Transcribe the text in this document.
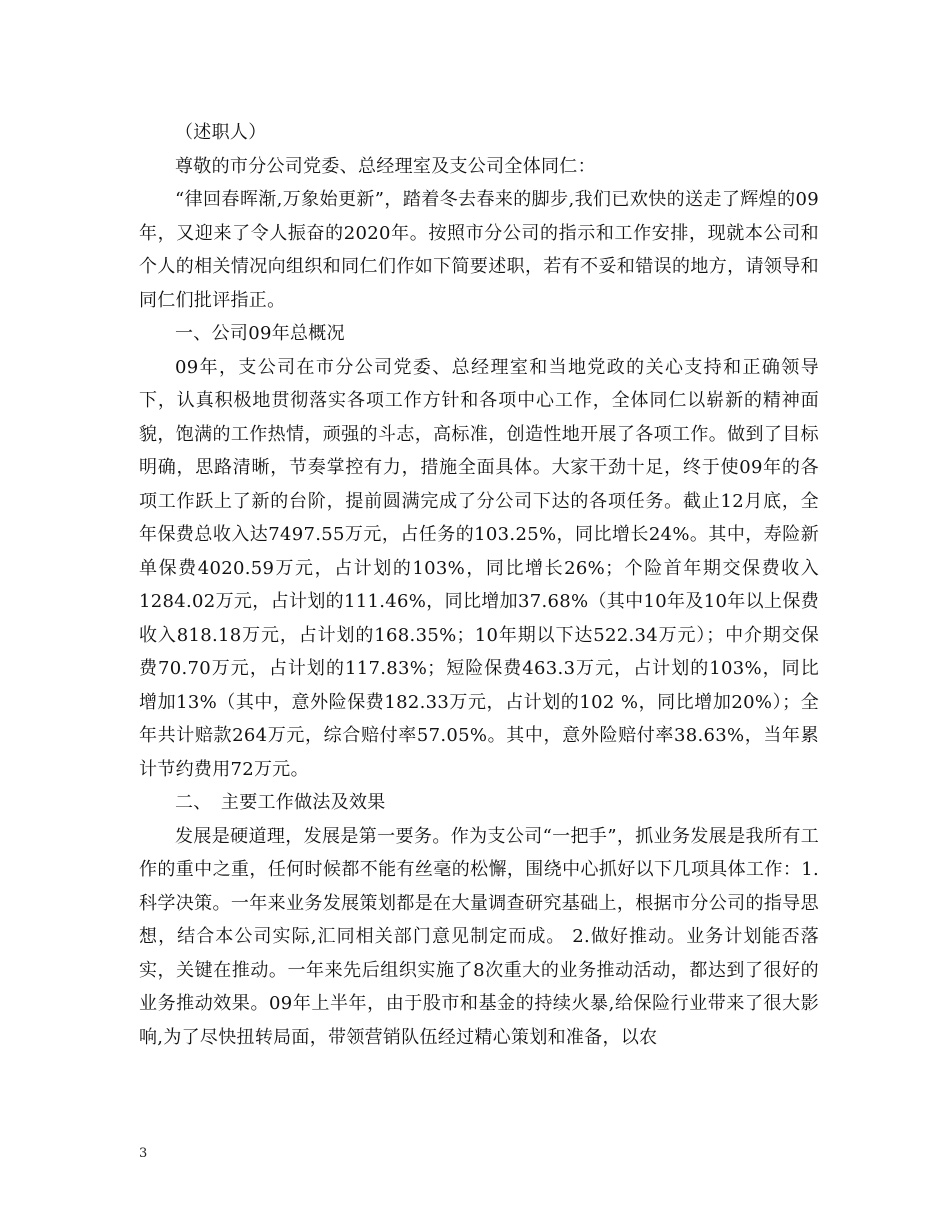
（述职人）

尊敬的市分公司党委、总经理室及支公司全体同仁：

“律回春晖渐,万象始更新”，踏着冬去春来的脚步,我们已欢快的送走了辉煌的09年，又迎来了令人振奋的2020年。按照市分公司的指示和工作安排，现就本公司和个人的相关情况向组织和同仁们作如下简要述职，若有不妥和错误的地方，请领导和同仁们批评指正。

一、公司09年总概况

09年，支公司在市分公司党委、总经理室和当地党政的关心支持和正确领导下，认真积极地贯彻落实各项工作方针和各项中心工作，全体同仁以崭新的精神面貌，饱满的工作热情，顽强的斗志，高标准，创造性地开展了各项工作。做到了目标明确，思路清晰，节奏掌控有力，措施全面具体。大家干劲十足，终于使09年的各项工作跃上了新的台阶，提前圆满完成了分公司下达的各项任务。截止12月底，全年保费总收入达7497.55万元，占任务的103.25%，同比增长24%。其中，寿险新单保费4020.59万元，占计划的103%，同比增长26%；个险首年期交保费收入1284.02万元，占计划的111.46%，同比增加37.68%（其中10年及10年以上保费收入818.18万元，占计划的168.35%；10年期以下达522.34万元）；中介期交保费70.70万元，占计划的117.83%；短险保费463.3万元，占计划的103%，同比增加13%（其中，意外险保费182.33万元，占计划的102 %，同比增加20%）；全年共计赔款264万元，综合赔付率57.05%。其中，意外险赔付率38.63%，当年累计节约费用72万元。

二、　主要工作做法及效果

发展是硬道理，发展是第一要务。作为支公司“一把手”，抓业务发展是我所有工作的重中之重，任何时候都不能有丝毫的松懈，围绕中心抓好以下几项具体工作：1.科学决策。一年来业务发展策划都是在大量调查研究基础上，根据市分公司的指导思想，结合本公司实际,汇同相关部门意见制定而成。 2.做好推动。业务计划能否落实，关键在推动。一年来先后组织实施了8次重大的业务推动活动，都达到了很好的业务推动效果。09年上半年，由于股市和基金的持续火暴,给保险行业带来了很大影响,为了尽快扭转局面，带领营销队伍经过精心策划和准备，以农

3
